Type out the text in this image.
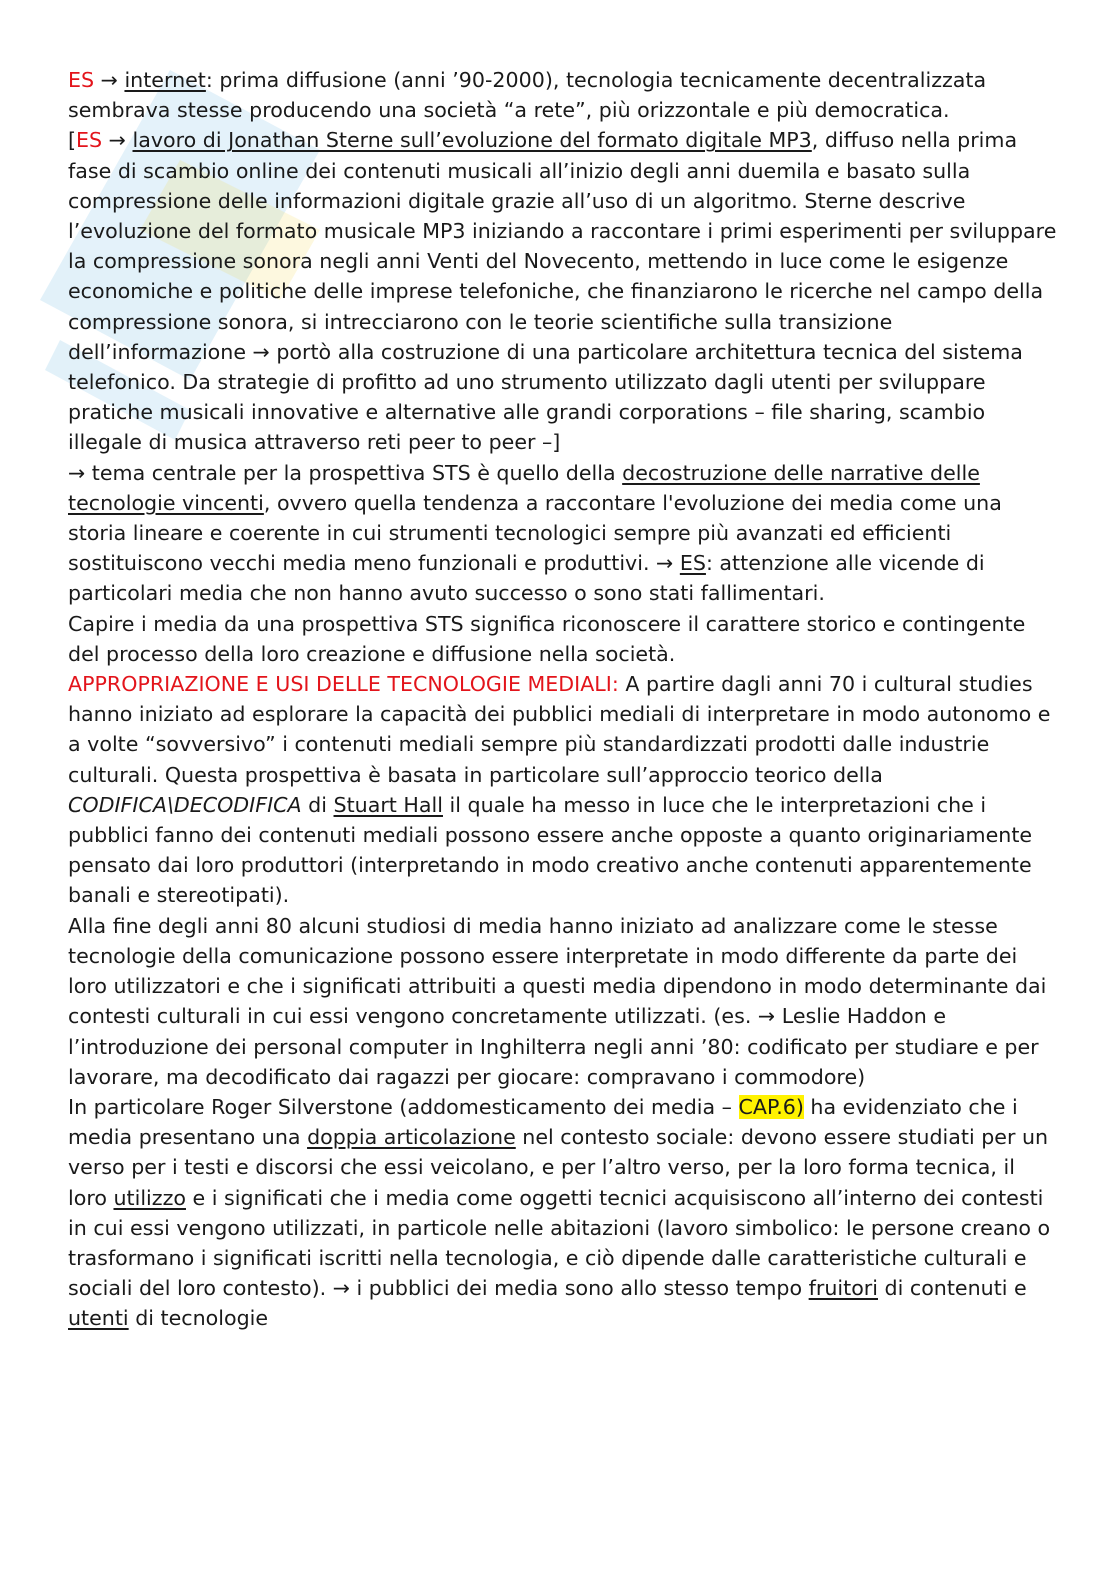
ES → internet: prima diffusione (anni ’90-2000), tecnologia tecnicamente decentralizzata sembrava stesse producendo una società “a rete”, più orizzontale e più democratica.

[ES → lavoro di Jonathan Sterne sull’evoluzione del formato digitale MP3, diffuso nella prima fase di scambio online dei contenuti musicali all’inizio degli anni duemila e basato sulla compressione delle informazioni digitale grazie all’uso di un algoritmo. Sterne descrive l’evoluzione del formato musicale MP3 iniziando a raccontare i primi esperimenti per sviluppare la compressione sonora negli anni Venti del Novecento, mettendo in luce come le esigenze economiche e politiche delle imprese telefoniche, che finanziarono le ricerche nel campo della compressione sonora, si intrecciarono con le teorie scientifiche sulla transizione dell’informazione → portò alla costruzione di una particolare architettura tecnica del sistema telefonico. Da strategie di profitto ad uno strumento utilizzato dagli utenti per sviluppare pratiche musicali innovative e alternative alle grandi corporations – file sharing, scambio illegale di musica attraverso reti peer to peer –]

→ tema centrale per la prospettiva STS è quello della decostruzione delle narrative delle tecnologie vincenti, ovvero quella tendenza a raccontare l'evoluzione dei media come una storia lineare e coerente in cui strumenti tecnologici sempre più avanzati ed efficienti sostituiscono vecchi media meno funzionali e produttivi. → ES: attenzione alle vicende di particolari media che non hanno avuto successo o sono stati fallimentari.

Capire i media da una prospettiva STS significa riconoscere il carattere storico e contingente del processo della loro creazione e diffusione nella società.

APPROPRIAZIONE E USI DELLE TECNOLOGIE MEDIALI: A partire dagli anni 70 i cultural studies hanno iniziato ad esplorare la capacità dei pubblici mediali di interpretare in modo autonomo e a volte “sovversivo” i contenuti mediali sempre più standardizzati prodotti dalle industrie culturali. Questa prospettiva è basata in particolare sull’approccio teorico della CODIFICA\DECODIFICA di Stuart Hall il quale ha messo in luce che le interpretazioni che i pubblici fanno dei contenuti mediali possono essere anche opposte a quanto originariamente pensato dai loro produttori (interpretando in modo creativo anche contenuti apparentemente banali e stereotipati).

Alla fine degli anni 80 alcuni studiosi di media hanno iniziato ad analizzare come le stesse tecnologie della comunicazione possono essere interpretate in modo differente da parte dei loro utilizzatori e che i significati attribuiti a questi media dipendono in modo determinante dai contesti culturali in cui essi vengono concretamente utilizzati. (es. → Leslie Haddon e l’introduzione dei personal computer in Inghilterra negli anni ’80: codificato per studiare e per lavorare, ma decodificato dai ragazzi per giocare: compravano i commodore)

In particolare Roger Silverstone (addomesticamento dei media – CAP.6) ha evidenziato che i media presentano una doppia articolazione nel contesto sociale: devono essere studiati per un verso per i testi e discorsi che essi veicolano, e per l’altro verso, per la loro forma tecnica, il loro utilizzo e i significati che i media come oggetti tecnici acquisiscono all’interno dei contesti in cui essi vengono utilizzati, in particole nelle abitazioni (lavoro simbolico: le persone creano o trasformano i significati iscritti nella tecnologia, e ciò dipende dalle caratteristiche culturali e sociali del loro contesto). → i pubblici dei media sono allo stesso tempo fruitori di contenuti e utenti di tecnologie
